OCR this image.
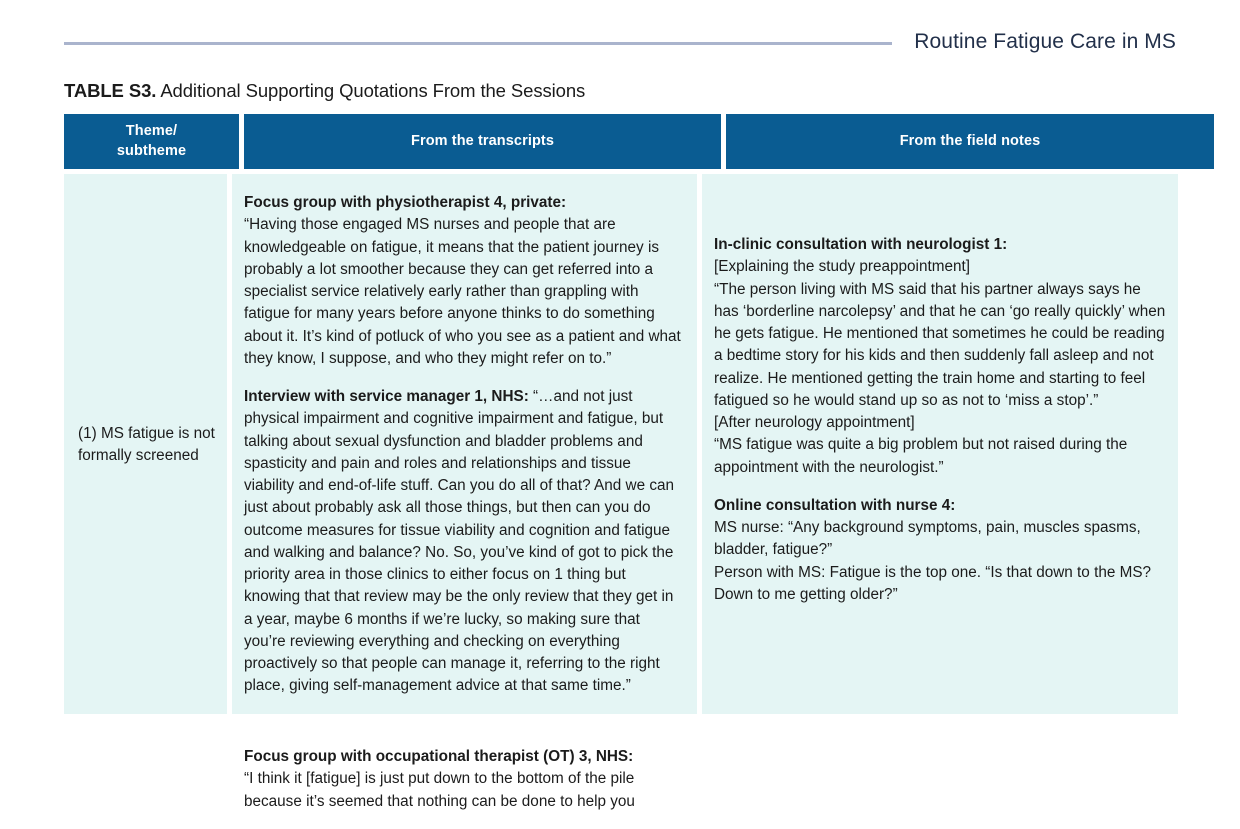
Routine Fatigue Care in MS
TABLE S3. Additional Supporting Quotations From the Sessions
Theme/
subtheme
From the transcripts	From the field notes
(1) MS fatigue is not formally screened
Focus group with physiotherapist 4, private:
“Having those engaged MS nurses and people that are knowledgeable on fatigue, it means that the patient journey is probably a lot smoother because they can get referred into a specialist service relatively early rather than grappling with fatigue for many years before anyone thinks to do something about it. It’s kind of potluck of who you see as a patient and what they know, I suppose, and who they might refer on to.”
Interview with service manager 1, NHS: “…and not just physical impairment and cognitive impairment and fatigue, but talking about sexual dysfunction and bladder problems and spasticity and pain and roles and relationships and tissue viability and end-of-life stuff. Can you do all of that? And we can just about probably ask all those things, but then can you do outcome measures for tissue viability and cognition and fatigue and walking and balance? No. So, you’ve kind of got to pick the priority area in those clinics to either focus on 1 thing but knowing that that review may be the only review that they get in a year, maybe 6 months if we’re lucky, so making sure that you’re reviewing everything and checking on everything proactively so that people can manage it, referring to the right place, giving self-management advice at that same time.”
In-clinic consultation with neurologist 1:
[Explaining the study preappointment]
“The person living with MS said that his partner always says he has ‘borderline narcolepsy’ and that he can ‘go really quickly’ when he gets fatigue. He mentioned that sometimes he could be reading a bedtime story for his kids and then suddenly fall asleep and not realize. He mentioned getting the train home and starting to feel fatigued so he would stand up so as not to ‘miss a stop’.”
[After neurology appointment]
“MS fatigue was quite a big problem but not raised during the appointment with the neurologist.”
Online consultation with nurse 4:
MS nurse: “Any background symptoms, pain, muscles spasms, bladder, fatigue?”
Person with MS: Fatigue is the top one. “Is that down to the MS? Down to me getting older?”
Focus group with occupational therapist (OT) 3, NHS:
“I think it [fatigue] is just put down to the bottom of the pile because it’s seemed that nothing can be done to help you
